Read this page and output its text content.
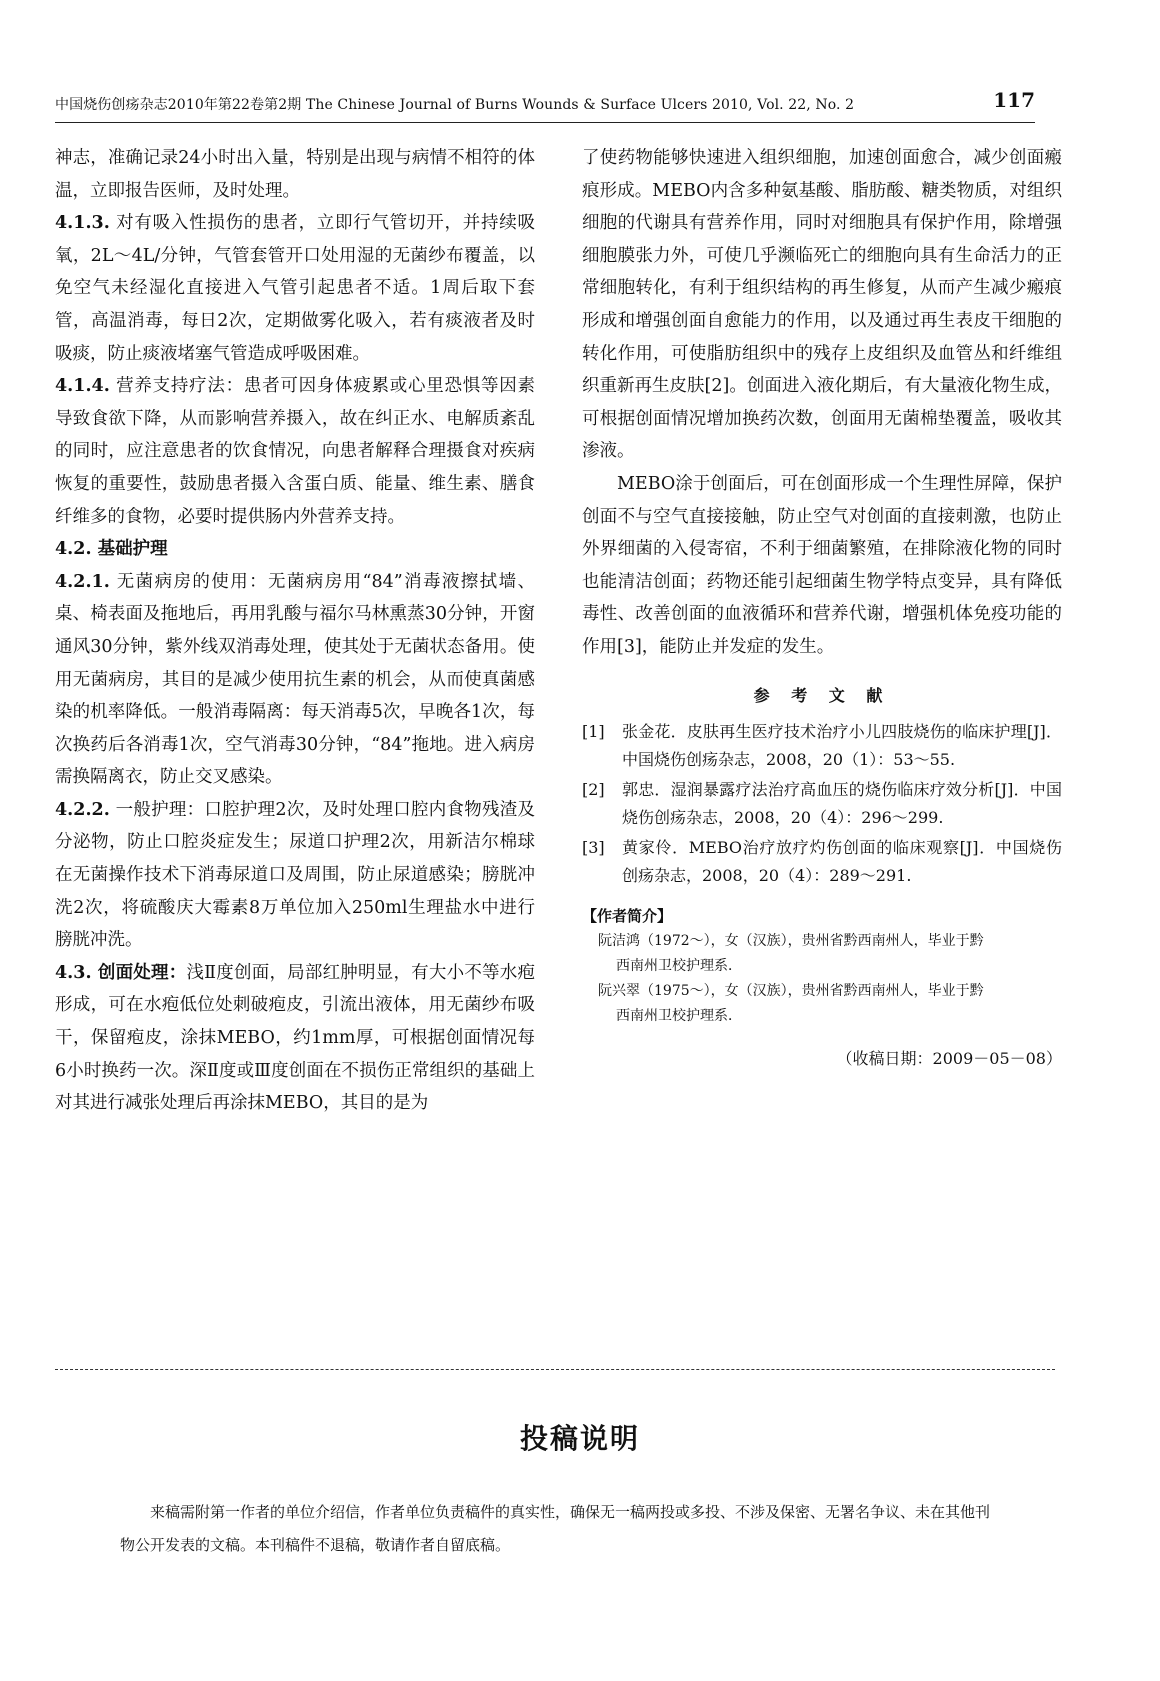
中国烧伤创疡杂志2010年第22卷第2期 The Chinese Journal of Burns Wounds & Surface Ulcers 2010, Vol. 22, No. 2	117

神志，准确记录24小时出入量，特别是出现与病情不相符的体温，立即报告医师，及时处理。

4.1.3. 对有吸入性损伤的患者，立即行气管切开，并持续吸氧，2L～4L/分钟，气管套管开口处用湿的无菌纱布覆盖，以免空气未经湿化直接进入气管引起患者不适。1周后取下套管，高温消毒，每日2次，定期做雾化吸入，若有痰液者及时吸痰，防止痰液堵塞气管造成呼吸困难。

4.1.4. 营养支持疗法：患者可因身体疲累或心里恐惧等因素导致食欲下降，从而影响营养摄入，故在纠正水、电解质紊乱的同时，应注意患者的饮食情况，向患者解释合理摄食对疾病恢复的重要性，鼓励患者摄入含蛋白质、能量、维生素、膳食纤维多的食物，必要时提供肠内外营养支持。

4.2. 基础护理

4.2.1. 无菌病房的使用：无菌病房用“84”消毒液擦拭墙、桌、椅表面及拖地后，再用乳酸与福尔马林熏蒸30分钟，开窗通风30分钟，紫外线双消毒处理，使其处于无菌状态备用。使用无菌病房，其目的是减少使用抗生素的机会，从而使真菌感染的机率降低。一般消毒隔离：每天消毒5次，早晚各1次，每次换药后各消毒1次，空气消毒30分钟，“84”拖地。进入病房需换隔离衣，防止交叉感染。

4.2.2. 一般护理：口腔护理2次，及时处理口腔内食物残渣及分泌物，防止口腔炎症发生；尿道口护理2次，用新洁尔棉球在无菌操作技术下消毒尿道口及周围，防止尿道感染；膀胱冲洗2次，将硫酸庆大霉素8万单位加入250ml生理盐水中进行膀胱冲洗。

4.3. 创面处理：浅Ⅱ度创面，局部红肿明显，有大小不等水疱形成，可在水疱低位处刺破疱皮，引流出液体，用无菌纱布吸干，保留疱皮，涂抹MEBO，约1mm厚，可根据创面情况每6小时换药一次。深Ⅱ度或Ⅲ度创面在不损伤正常组织的基础上对其进行减张处理后再涂抹MEBO，其目的是为

了使药物能够快速进入组织细胞，加速创面愈合，减少创面瘢痕形成。MEBO内含多种氨基酸、脂肪酸、糖类物质，对组织细胞的代谢具有营养作用，同时对细胞具有保护作用，除增强细胞膜张力外，可使几乎濒临死亡的细胞向具有生命活力的正常细胞转化，有利于组织结构的再生修复，从而产生减少瘢痕形成和增强创面自愈能力的作用，以及通过再生表皮干细胞的转化作用，可使脂肪组织中的残存上皮组织及血管丛和纤维组织重新再生皮肤[2]。创面进入液化期后，有大量液化物生成，可根据创面情况增加换药次数，创面用无菌棉垫覆盖，吸收其渗液。

MEBO涂于创面后，可在创面形成一个生理性屏障，保护创面不与空气直接接触，防止空气对创面的直接刺激，也防止外界细菌的入侵寄宿，不利于细菌繁殖，在排除液化物的同时也能清洁创面；药物还能引起细菌生物学特点变异，具有降低毒性、改善创面的血液循环和营养代谢，增强机体免疫功能的作用[3]，能防止并发症的发生。

参 考 文 献
[1]	张金花．皮肤再生医疗技术治疗小儿四肢烧伤的临床护理[J]．中国烧伤创疡杂志，2008，20（1）：53～55.
[2]	郭忠．湿润暴露疗法治疗高血压的烧伤临床疗效分析[J]．中国烧伤创疡杂志，2008，20（4）：296～299.
[3]	黄家伶．MEBO治疗放疗灼伤创面的临床观察[J]．中国烧伤创疡杂志，2008，20（4）：289～291.
【作者简介】
阮洁鸿（1972～），女（汉族），贵州省黔西南州人，毕业于黔
西南州卫校护理系．
阮兴翠（1975～），女（汉族），贵州省黔西南州人，毕业于黔
西南州卫校护理系．
（收稿日期：2009－05－08）
投稿说明

来稿需附第一作者的单位介绍信，作者单位负责稿件的真实性，确保无一稿两投或多投、不涉及保密、无署名争议、未在其他刊物公开发表的文稿。本刊稿件不退稿，敬请作者自留底稿。
